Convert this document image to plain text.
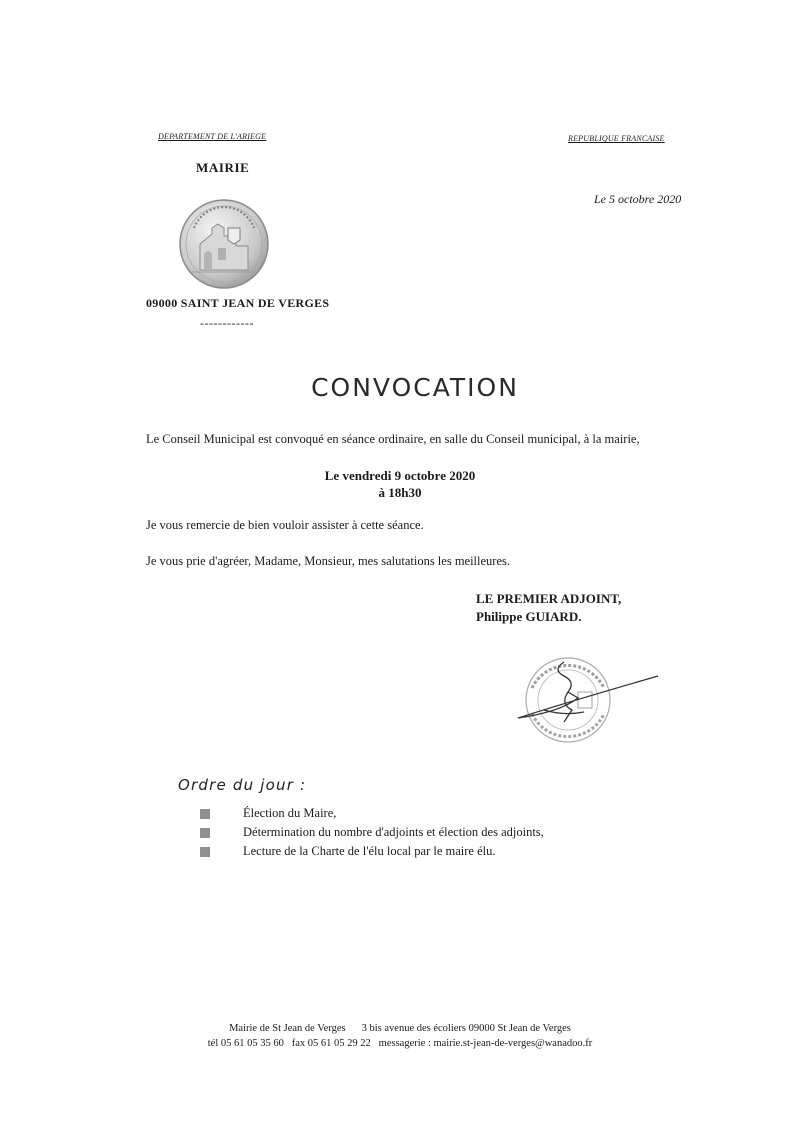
DEPARTEMENT DE L'ARIEGE	REPUBLIQUE FRANCAISE
MAIRIE
Le 5 octobre 2020
09000 SAINT JEAN DE VERGES
------------
CONVOCATION
Le Conseil Municipal est convoqué en séance ordinaire, en salle du Conseil municipal, à la mairie,
Le vendredi 9 octobre 2020
à 18h30
Je vous remercie de bien vouloir assister à cette séance.
Je vous prie d'agréer, Madame, Monsieur, mes salutations les meilleures.
LE PREMIER ADJOINT,
Philippe GUIARD.
Ordre du jour :
Élection du Maire,
Détermination du nombre d'adjoints et élection des adjoints,
Lecture de la Charte de l'élu local par le maire élu.
Mairie de St Jean de Verges 3 bis avenue des écoliers 09000 St Jean de Verges
tél 05 61 05 35 60 fax 05 61 05 29 22 messagerie : mairie.st-jean-de-verges@wanadoo.fr
